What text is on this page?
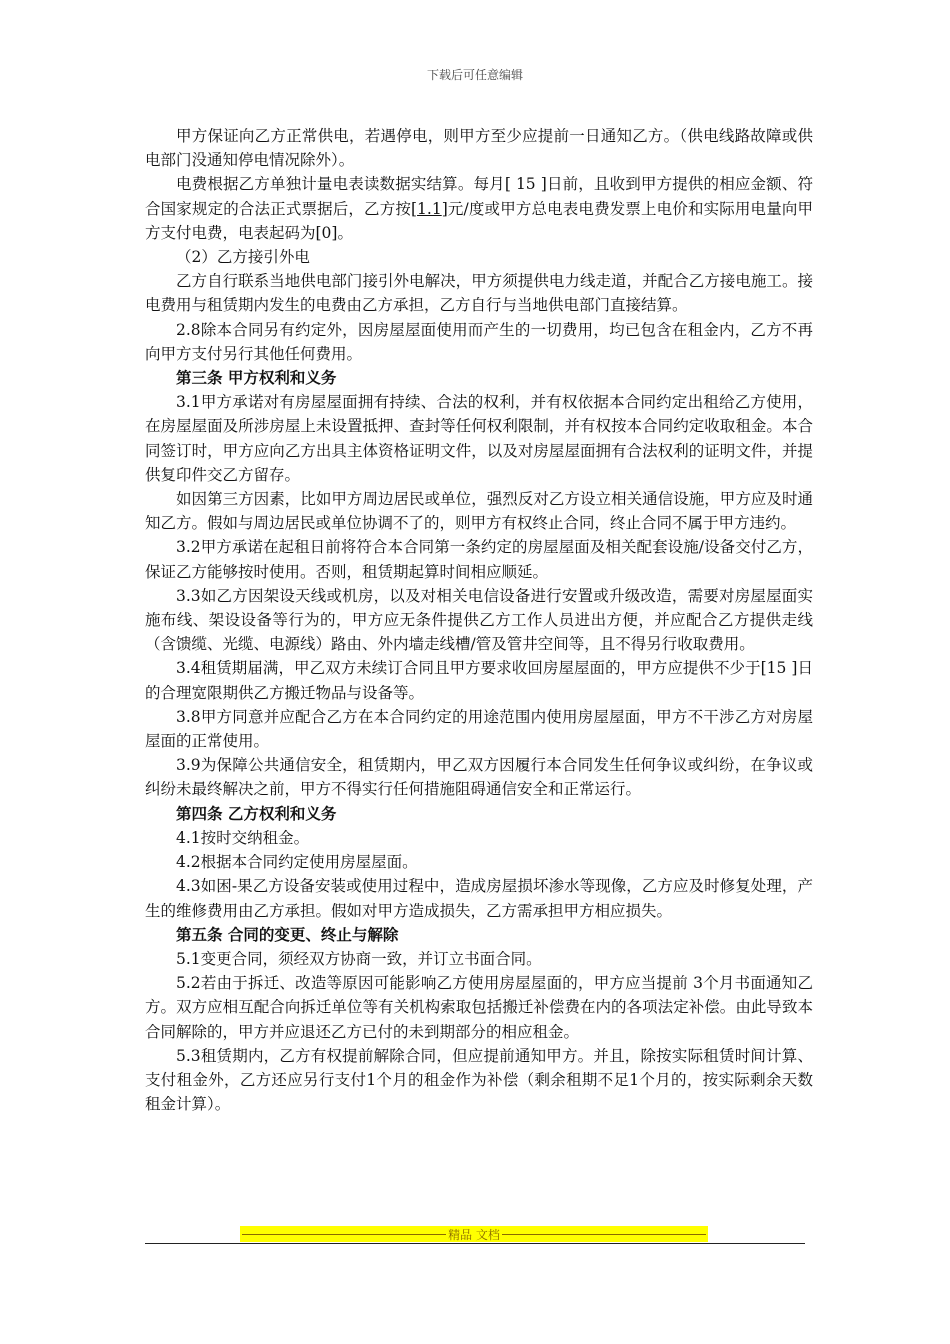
下载后可任意编辑

甲方保证向乙方正常供电，若遇停电，则甲方至少应提前一日通知乙方。（供电线路故障或供电部门没通知停电情况除外）。

电费根据乙方单独计量电表读数据实结算。每月[ 15 ]日前，且收到甲方提供的相应金额、符合国家规定的合法正式票据后，乙方按[1.1]元/度或甲方总电表电费发票上电价和实际用电量向甲方支付电费，电表起码为[0]。

（2）乙方接引外电

乙方自行联系当地供电部门接引外电解决，甲方须提供电力线走道，并配合乙方接电施工。接电费用与租赁期内发生的电费由乙方承担，乙方自行与当地供电部门直接结算。

2.8除本合同另有约定外，因房屋屋面使用而产生的一切费用，均已包含在租金内，乙方不再向甲方支付另行其他任何费用。

第三条 甲方权利和义务

3.1甲方承诺对有房屋屋面拥有持续、合法的权利，并有权依据本合同约定出租给乙方使用，在房屋屋面及所涉房屋上未设置抵押、查封等任何权利限制，并有权按本合同约定收取租金。本合同签订时，甲方应向乙方出具主体资格证明文件，以及对房屋屋面拥有合法权利的证明文件，并提供复印件交乙方留存。

如因第三方因素，比如甲方周边居民或单位，强烈反对乙方设立相关通信设施，甲方应及时通知乙方。假如与周边居民或单位协调不了的，则甲方有权终止合同，终止合同不属于甲方违约。

3.2甲方承诺在起租日前将符合本合同第一条约定的房屋屋面及相关配套设施/设备交付乙方，保证乙方能够按时使用。否则，租赁期起算时间相应顺延。

3.3如乙方因架设天线或机房，以及对相关电信设备进行安置或升级改造，需要对房屋屋面实施布线、架设设备等行为的，甲方应无条件提供乙方工作人员进出方便，并应配合乙方提供走线（含馈缆、光缆、电源线）路由、外内墙走线槽/管及管井空间等，且不得另行收取费用。

3.4租赁期届满，甲乙双方未续订合同且甲方要求收回房屋屋面的，甲方应提供不少于[15 ]日的合理宽限期供乙方搬迁物品与设备等。

3.8甲方同意并应配合乙方在本合同约定的用途范围内使用房屋屋面，甲方不干涉乙方对房屋屋面的正常使用。

3.9为保障公共通信安全，租赁期内，甲乙双方因履行本合同发生任何争议或纠纷，在争议或纠纷未最终解决之前，甲方不得实行任何措施阻碍通信安全和正常运行。

第四条 乙方权利和义务

4.1按时交纳租金。

4.2根据本合同约定使用房屋屋面。

4.3如困-果乙方设备安装或使用过程中，造成房屋损坏渗水等现像，乙方应及时修复处理，产生的维修费用由乙方承担。假如对甲方造成损失，乙方需承担甲方相应损失。

第五条 合同的变更、终止与解除

5.1变更合同，须经双方协商一致，并订立书面合同。

5.2若由于拆迁、改造等原因可能影响乙方使用房屋屋面的，甲方应当提前 3个月书面通知乙方。双方应相互配合向拆迁单位等有关机构索取包括搬迁补偿费在内的各项法定补偿。由此导致本合同解除的，甲方并应退还乙方已付的未到期部分的相应租金。

5.3租赁期内，乙方有权提前解除合同，但应提前通知甲方。并且，除按实际租赁时间计算、支付租金外，乙方还应另行支付1个月的租金作为补偿（剩余租期不足1个月的，按实际剩余天数租金计算）。

精品 文档
